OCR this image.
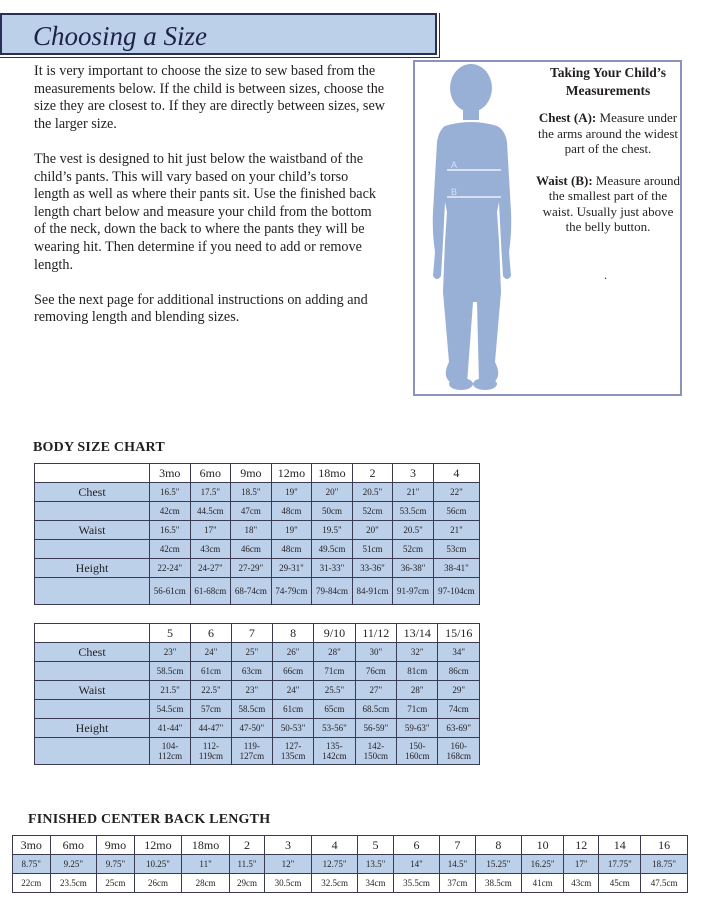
Choosing a Size

It is very important to choose the size to sew based from the measurements below. If the child is between sizes, choose the size they are closest to. If they are directly between sizes, sew the larger size.

The vest is designed to hit just below the waistband of the child’s pants. This will vary based on your child’s torso length as well as where their pants sit. Use the finished back length chart below and measure your child from the bottom of the neck, down the back to where the pants they will be wearing hit. Then determine if you need to add or remove length.

See the next page for additional instructions on adding and removing length and blending sizes.

A
B
Taking Your Child’s Measurements
Chest (A): Measure under the arms around the widest part of the chest.
Waist (B): Measure around the smallest part of the waist. Usually just above the belly button.
.
BODY SIZE CHART
	3mo	6mo	9mo	12mo	18mo	2	3	4
Chest	16.5"	17.5"	18.5"	19"	20"	20.5"	21"	22"
	42cm	44.5cm	47cm	48cm	50cm	52cm	53.5cm	56cm
Waist	16.5"	17"	18"	19"	19.5"	20"	20.5"	21"
	42cm	43cm	46cm	48cm	49.5cm	51cm	52cm	53cm
Height	22-24"	24-27"	27-29"	29-31"	31-33"	33-36"	36-38"	38-41"
	56-61cm	61-68cm	68-74cm	74-79cm	79-84cm	84-91cm	91-97cm	97-104cm
	5	6	7	8	9/10	11/12	13/14	15/16
Chest	23"	24"	25"	26"	28"	30"	32"	34"
	58.5cm	61cm	63cm	66cm	71cm	76cm	81cm	86cm
Waist	21.5"	22.5"	23"	24"	25.5"	27"	28"	29"
	54.5cm	57cm	58.5cm	61cm	65cm	68.5cm	71cm	74cm
Height	41-44"	44-47"	47-50"	50-53"	53-56"	56-59"	59-63"	63-69"
	104-112cm	112-119cm	119-127cm	127-135cm	135-142cm	142-150cm	150-160cm	160-168cm
FINISHED CENTER BACK LENGTH
3mo	6mo	9mo	12mo	18mo	2	3	4	5	6	7	8	10	12	14	16
8.75"	9.25"	9.75"	10.25"	11"	11.5"	12"	12.75"	13.5"	14"	14.5"	15.25"	16.25"	17"	17.75"	18.75"
22cm	23.5cm	25cm	26cm	28cm	29cm	30.5cm	32.5cm	34cm	35.5cm	37cm	38.5cm	41cm	43cm	45cm	47.5cm
